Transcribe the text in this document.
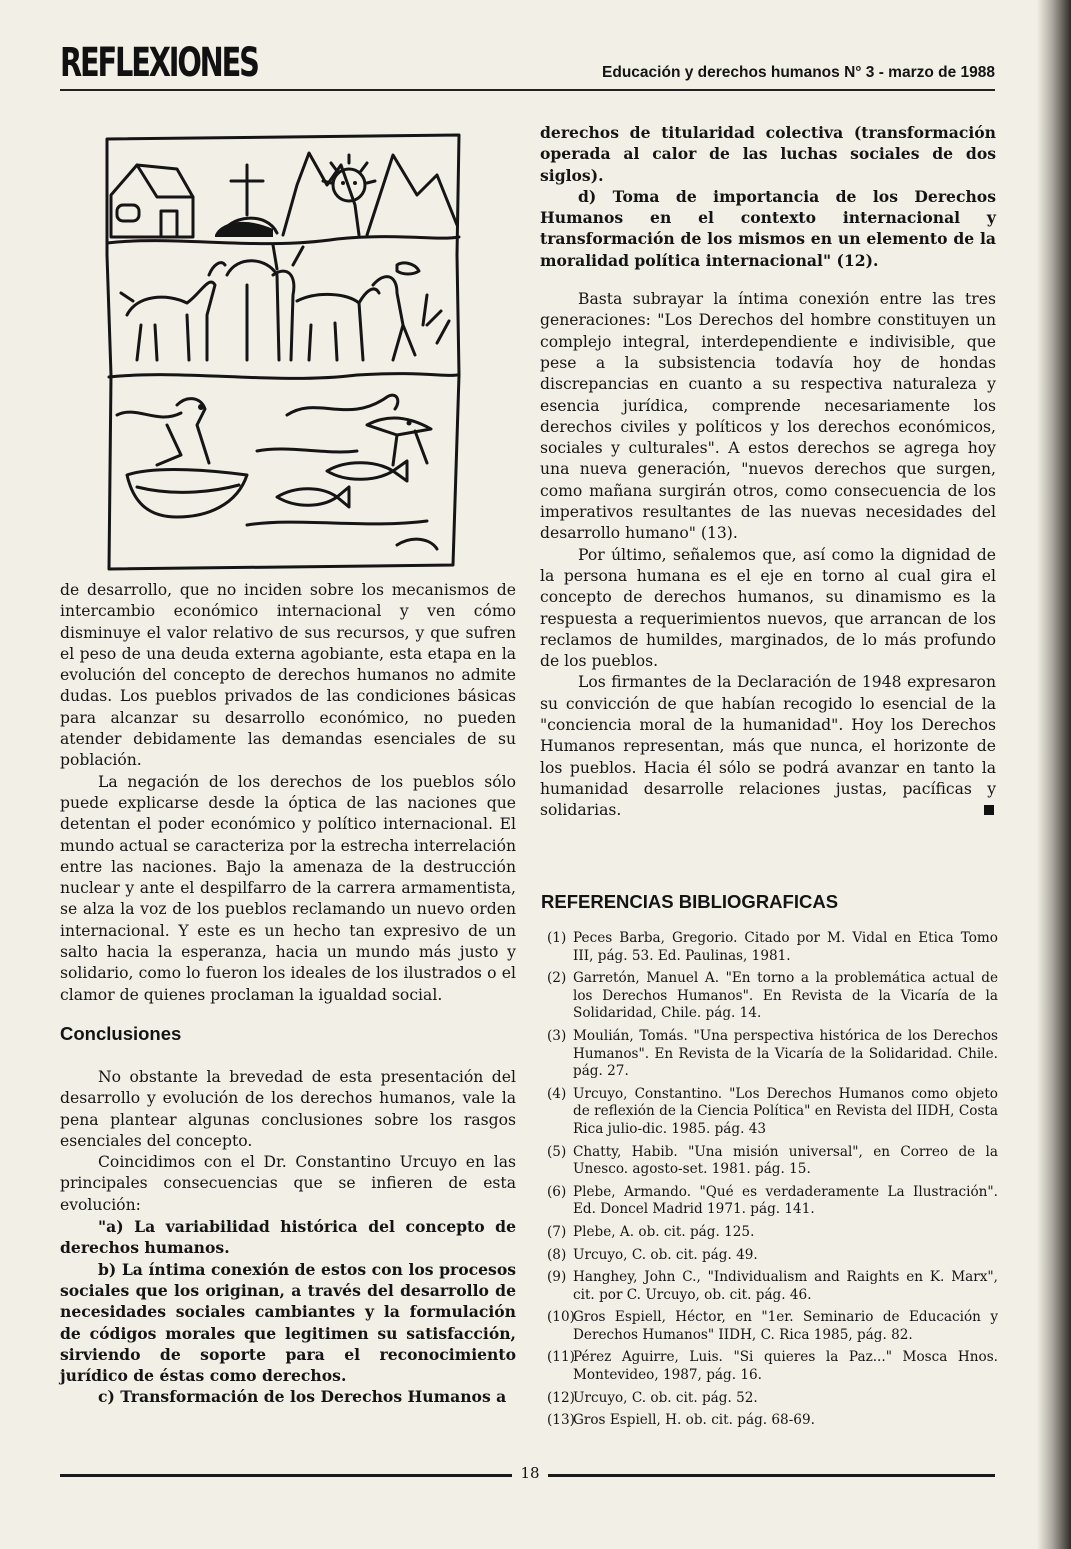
REFLEXIONES	Educación y derechos humanos N° 3 - marzo de 1988

de desarrollo, que no inciden sobre los mecanismos de intercambio económico internacional y ven cómo disminuye el valor relativo de sus recursos, y que sufren el peso de una deuda externa agobiante, esta etapa en la evolución del concepto de derechos humanos no admite dudas. Los pueblos privados de las condiciones básicas para alcanzar su desarrollo económico, no pueden atender debidamente las demandas esenciales de su población.

La negación de los derechos de los pueblos sólo puede explicarse desde la óptica de las naciones que detentan el poder económico y político internacional. El mundo actual se caracteriza por la estrecha interrelación entre las naciones. Bajo la amenaza de la destrucción nuclear y ante el despilfarro de la carrera armamentista, se alza la voz de los pueblos reclamando un nuevo orden internacional. Y este es un hecho tan expresivo de un salto hacia la esperanza, hacia un mundo más justo y solidario, como lo fueron los ideales de los ilustrados o el clamor de quienes proclaman la igualdad social.

Conclusiones

No obstante la brevedad de esta presentación del desarrollo y evolución de los derechos humanos, vale la pena plantear algunas conclusiones sobre los rasgos esenciales del concepto.

Coincidimos con el Dr. Constantino Urcuyo en las principales consecuencias que se infieren de esta evolución:

"a) La variabilidad histórica del concepto de derechos humanos.

b) La íntima conexión de estos con los procesos sociales que los originan, a través del desarrollo de necesidades sociales cambiantes y la formulación de códigos morales que legitimen su satisfacción, sirviendo de soporte para el reconocimiento jurídico de éstas como derechos.

c) Transformación de los Derechos Humanos a

derechos de titularidad colectiva (transformación operada al calor de las luchas sociales de dos siglos).

d) Toma de importancia de los Derechos Humanos en el contexto internacional y transformación de los mismos en un elemento de la moralidad política internacional" (12).

Basta subrayar la íntima conexión entre las tres generaciones: "Los Derechos del hombre constituyen un complejo integral, interdependiente e indivisible, que pese a la subsistencia todavía hoy de hondas discrepancias en cuanto a su respectiva naturaleza y esencia jurídica, comprende necesariamente los derechos civiles y políticos y los derechos económicos, sociales y culturales". A estos derechos se agrega hoy una nueva generación, "nuevos derechos que surgen, como mañana surgirán otros, como consecuencia de los imperativos resultantes de las nuevas necesidades del desarrollo humano" (13).

Por último, señalemos que, así como la dignidad de la persona humana es el eje en torno al cual gira el concepto de derechos humanos, su dinamismo es la respuesta a requerimientos nuevos, que arrancan de los reclamos de humildes, marginados, de lo más profundo de los pueblos.

Los firmantes de la Declaración de 1948 expresaron su convicción de que habían recogido lo esencial de la "conciencia moral de la humanidad". Hoy los Derechos Humanos representan, más que nunca, el horizonte de los pueblos. Hacia él sólo se podrá avanzar en tanto la humanidad desarrolle relaciones justas, pacíficas y solidarias.

REFERENCIAS BIBLIOGRAFICAS
(1) Peces Barba, Gregorio. Citado por M. Vidal en Etica Tomo III, pág. 53. Ed. Paulinas, 1981.
(2) Garretón, Manuel A. "En torno a la problemática actual de los Derechos Humanos". En Revista de la Vicaría de la Solidaridad, Chile. pág. 14.
(3) Moulián, Tomás. "Una perspectiva histórica de los Derechos Humanos". En Revista de la Vicaría de la Solidaridad. Chile. pág. 27.
(4) Urcuyo, Constantino. "Los Derechos Humanos como objeto de reflexión de la Ciencia Política" en Revista del IIDH, Costa Rica julio-dic. 1985. pág. 43
(5) Chatty, Habib. "Una misión universal", en Correo de la Unesco. agosto-set. 1981. pág. 15.
(6) Plebe, Armando. "Qué es verdaderamente La Ilustración". Ed. Doncel Madrid 1971. pág. 141.
(7) Plebe, A. ob. cit. pág. 125.
(8) Urcuyo, C. ob. cit. pág. 49.
(9) Hanghey, John C., "Individualism and Raights en K. Marx", cit. por C. Urcuyo, ob. cit. pág. 46.
(10)
Gros Espiell, Héctor, en "1er. Seminario de Educación y Derechos Humanos" IIDH, C. Rica 1985, pág. 82.
(11)
Pérez Aguirre, Luis. "Si quieres la Paz..." Mosca Hnos. Montevideo, 1987, pág. 16.
(12)
Urcuyo, C. ob. cit. pág. 52.
(13)
Gros Espiell, H. ob. cit. pág. 68-69.
18
